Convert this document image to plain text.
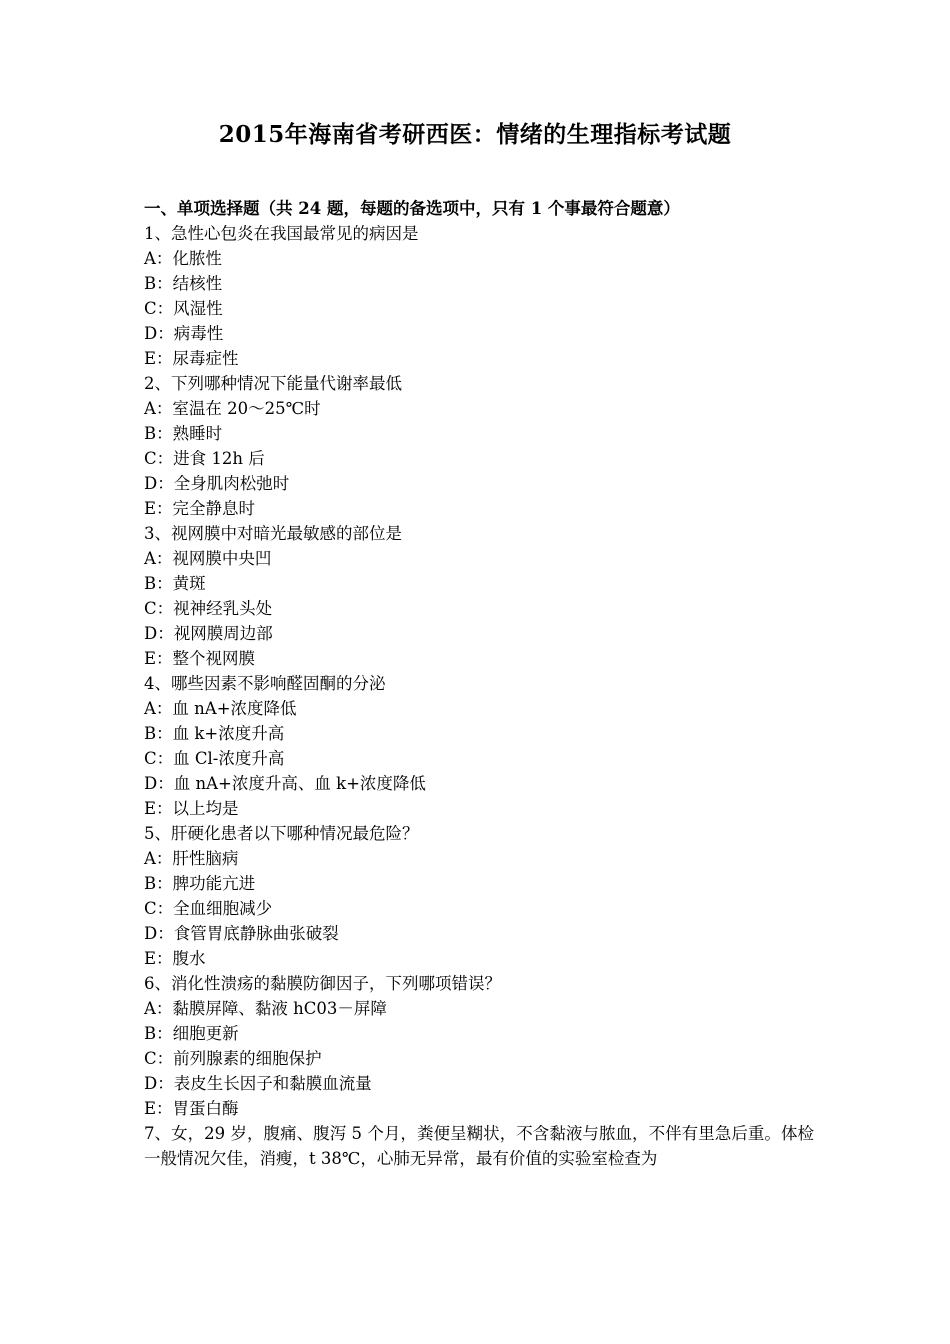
2015年海南省考研西医：情绪的生理指标考试题
一、单项选择题（共 24 题，每题的备选项中，只有 1 个事最符合题意）
1、急性心包炎在我国最常见的病因是
A：化脓性
B：结核性
C：风湿性
D：病毒性
E：尿毒症性
2、下列哪种情况下能量代谢率最低
A：室温在 20～25℃时
B：熟睡时
C：进食 12h 后
D：全身肌肉松弛时
E：完全静息时
3、视网膜中对暗光最敏感的部位是
A：视网膜中央凹
B：黄斑
C：视神经乳头处
D：视网膜周边部
E：整个视网膜
4、哪些因素不影响醛固酮的分泌
A：血 nA+浓度降低
B：血 k+浓度升高
C：血 Cl-浓度升高
D：血 nA+浓度升高、血 k+浓度降低
E：以上均是
5、肝硬化患者以下哪种情况最危险？
A：肝性脑病
B：脾功能亢进
C：全血细胞减少
D：食管胃底静脉曲张破裂
E：腹水
6、消化性溃疡的黏膜防御因子，下列哪项错误？
A：黏膜屏障、黏液 hC03－屏障
B：细胞更新
C：前列腺素的细胞保护
D：表皮生长因子和黏膜血流量
E：胃蛋白酶
7、女，29 岁，腹痛、腹泻 5 个月，粪便呈糊状，不含黏液与脓血，不伴有里急后重。体检一般情况欠佳，消瘦，t 38℃，心肺无异常，最有价值的实验室检查为
